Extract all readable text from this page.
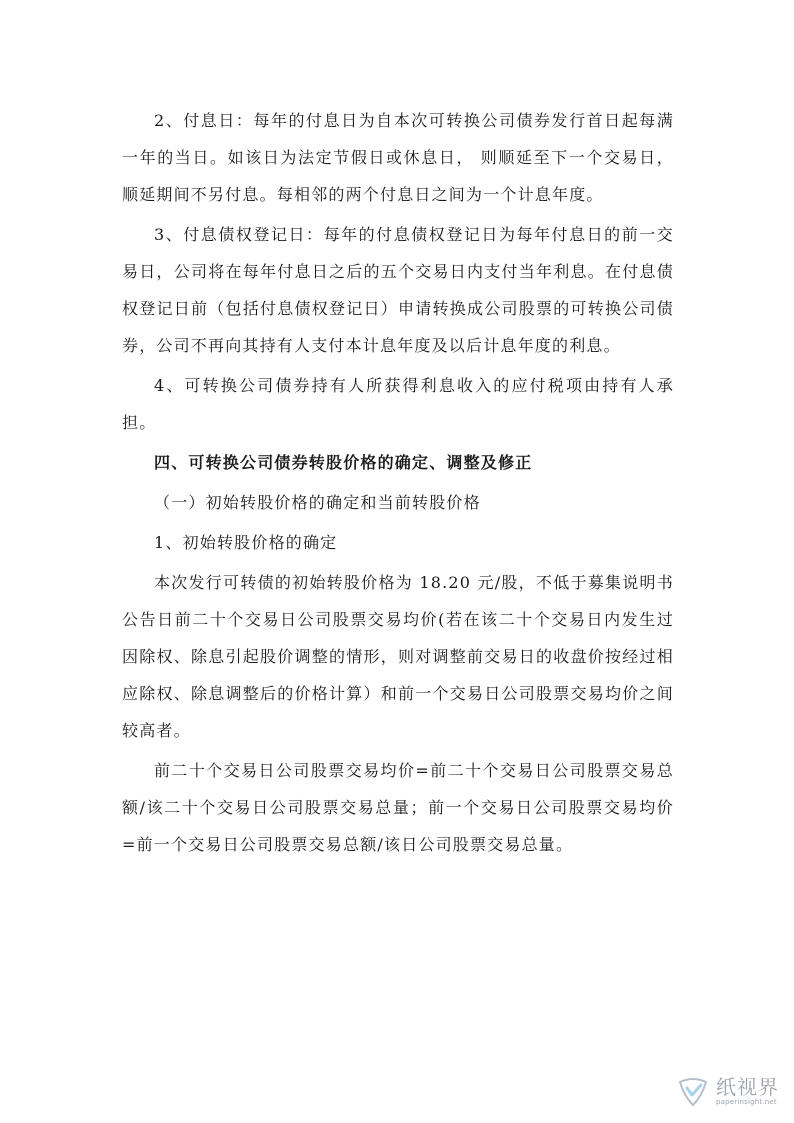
2、付息日：每年的付息日为自本次可转换公司债券发行首日起每满一年的当日。如该日为法定节假日或休息日， 则顺延至下一个交易日，顺延期间不另付息。每相邻的两个付息日之间为一个计息年度。

3、付息债权登记日：每年的付息债权登记日为每年付息日的前一交易日，公司将在每年付息日之后的五个交易日内支付当年利息。在付息债权登记日前（包括付息债权登记日）申请转换成公司股票的可转换公司债券，公司不再向其持有人支付本计息年度及以后计息年度的利息。

4、可转换公司债券持有人所获得利息收入的应付税项由持有人承担。

四、可转换公司债券转股价格的确定、调整及修正

（一）初始转股价格的确定和当前转股价格

1、初始转股价格的确定

本次发行可转债的初始转股价格为 18.20 元/股，不低于募集说明书公告日前二十个交易日公司股票交易均价(若在该二十个交易日内发生过因除权、除息引起股价调整的情形，则对调整前交易日的收盘价按经过相应除权、除息调整后的价格计算）和前一个交易日公司股票交易均价之间较高者。

前二十个交易日公司股票交易均价=前二十个交易日公司股票交易总额/该二十个交易日公司股票交易总量；前一个交易日公司股票交易均价=前一个交易日公司股票交易总额/该日公司股票交易总量。

纸视界
paperinsight.net
